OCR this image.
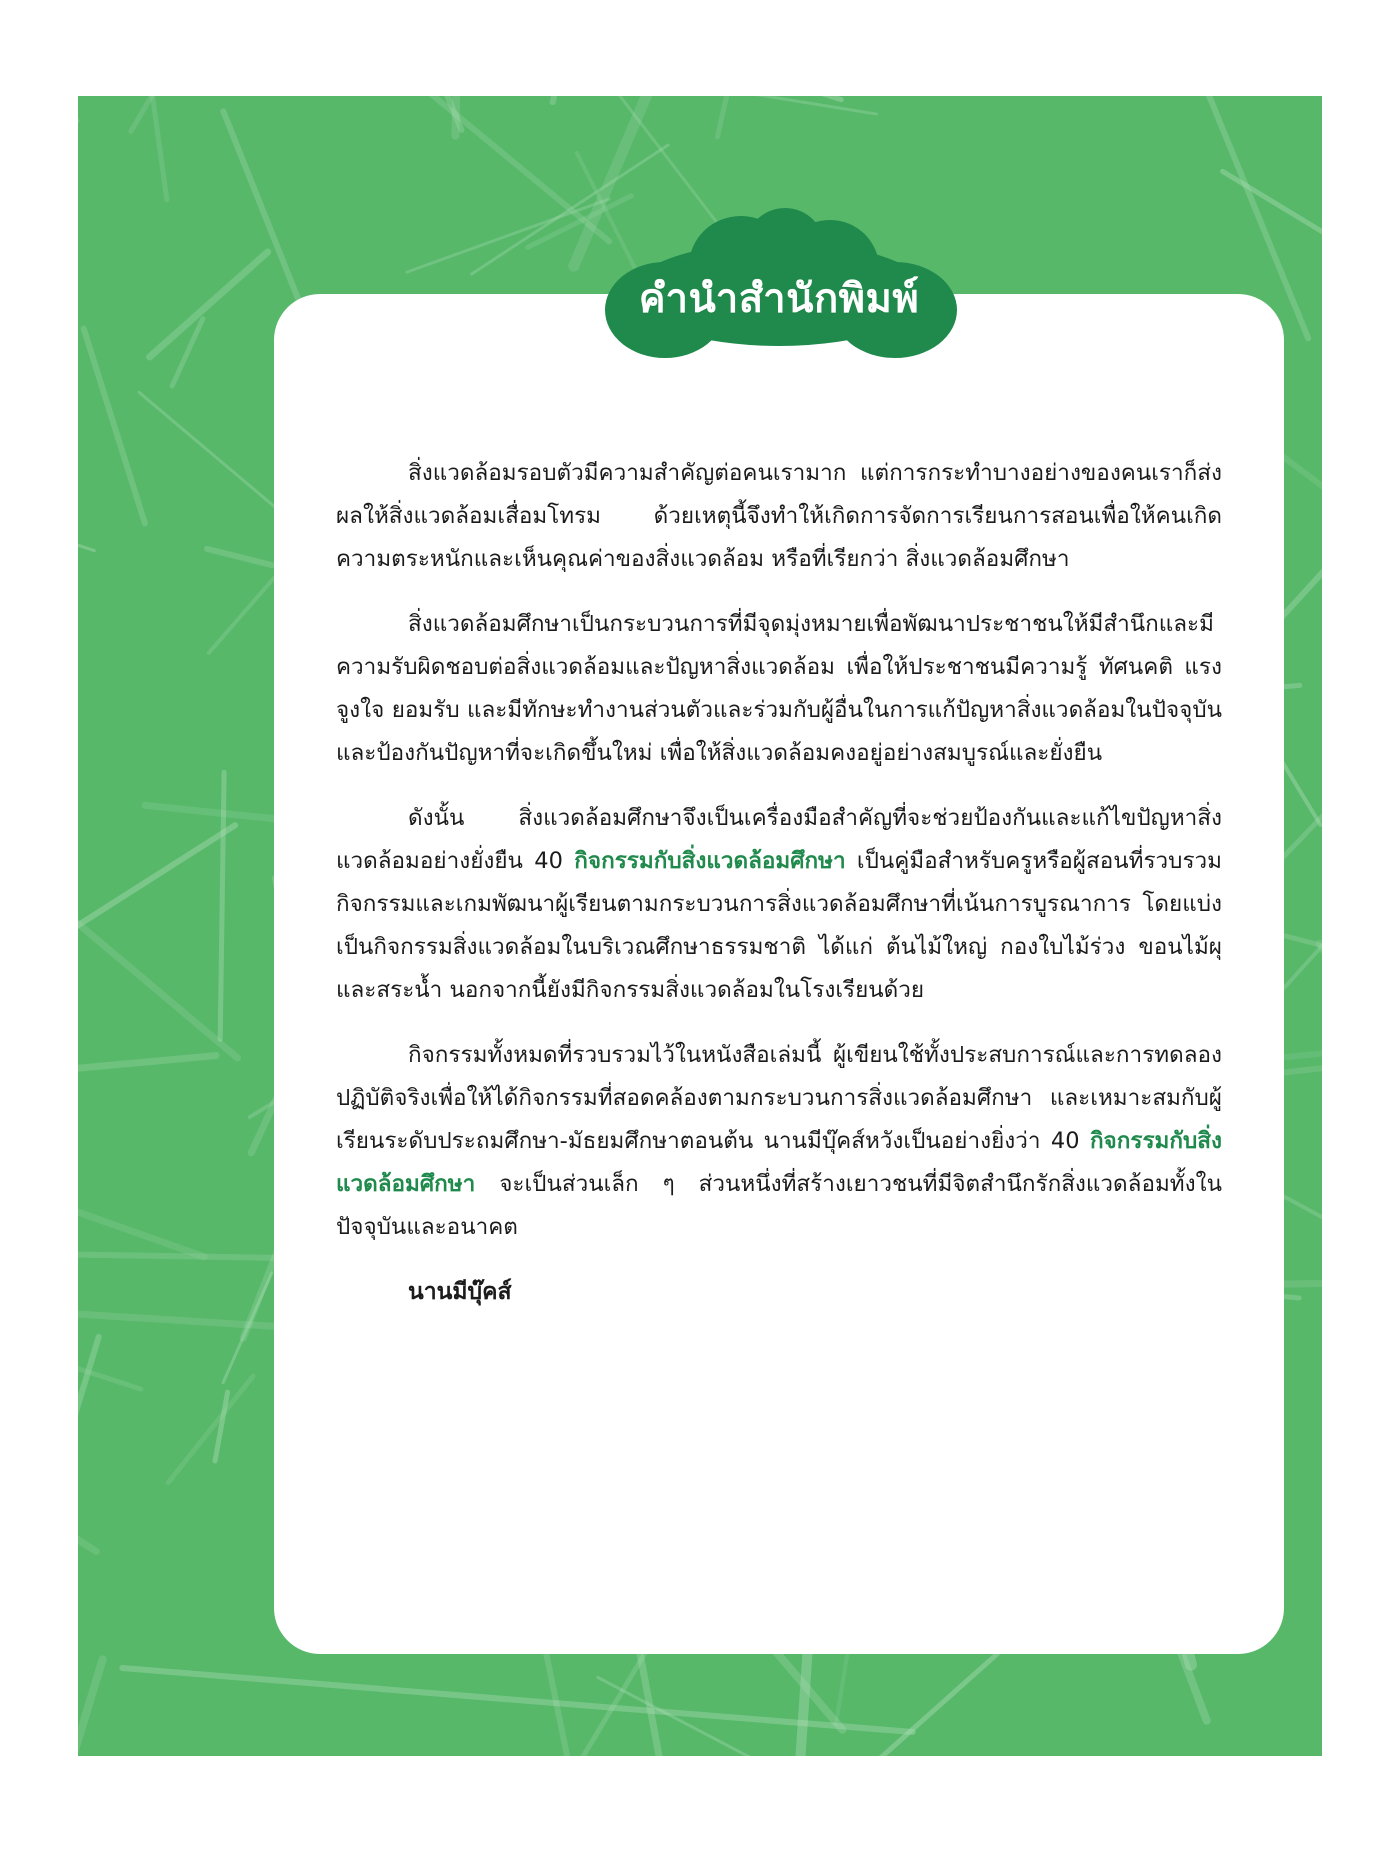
คำนำสำนักพิมพ์

สิ่งแวดล้อมรอบตัวมีความสำคัญต่อคนเรามาก แต่การกระทำบางอย่างของคนเราก็ส่งผลให้สิ่งแวดล้อมเสื่อมโทรม ด้วยเหตุนี้จึงทำให้เกิดการจัดการเรียนการสอนเพื่อให้คนเกิดความตระหนักและเห็นคุณค่าของสิ่งแวดล้อม หรือที่เรียกว่า สิ่งแวดล้อมศึกษา

สิ่งแวดล้อมศึกษาเป็นกระบวนการที่มีจุดมุ่งหมายเพื่อพัฒนาประชาชนให้มีสำนึกและมีความรับผิดชอบต่อสิ่งแวดล้อมและปัญหาสิ่งแวดล้อม เพื่อให้ประชาชนมีความรู้ ทัศนคติ แรงจูงใจ ยอมรับ และมีทักษะทำงานส่วนตัวและร่วมกับผู้อื่นในการแก้ปัญหาสิ่งแวดล้อมในปัจจุบัน และป้องกันปัญหาที่จะเกิดขึ้นใหม่ เพื่อให้สิ่งแวดล้อมคงอยู่อย่างสมบูรณ์และยั่งยืน

ดังนั้น สิ่งแวดล้อมศึกษาจึงเป็นเครื่องมือสำคัญที่จะช่วยป้องกันและแก้ไขปัญหาสิ่งแวดล้อมอย่างยั่งยืน 40 กิจกรรมกับสิ่งแวดล้อมศึกษา เป็นคู่มือสำหรับครูหรือผู้สอนที่รวบรวมกิจกรรมและเกมพัฒนาผู้เรียนตามกระบวนการสิ่งแวดล้อมศึกษาที่เน้นการบูรณาการ โดยแบ่งเป็นกิจกรรมสิ่งแวดล้อมในบริเวณศึกษาธรรมชาติ ได้แก่ ต้นไม้ใหญ่ กองใบไม้ร่วง ขอนไม้ผุ และสระน้ำ นอกจากนี้ยังมีกิจกรรมสิ่งแวดล้อมในโรงเรียนด้วย

กิจกรรมทั้งหมดที่รวบรวมไว้ในหนังสือเล่มนี้ ผู้เขียนใช้ทั้งประสบการณ์และการทดลองปฏิบัติจริงเพื่อให้ได้กิจกรรมที่สอดคล้องตามกระบวนการสิ่งแวดล้อมศึกษา และเหมาะสมกับผู้เรียนระดับประถมศึกษา-มัธยมศึกษาตอนต้น นานมีบุ๊คส์หวังเป็นอย่างยิ่งว่า 40 กิจกรรมกับสิ่งแวดล้อมศึกษา จะเป็นส่วนเล็ก ๆ ส่วนหนึ่งที่สร้างเยาวชนที่มีจิตสำนึกรักสิ่งแวดล้อมทั้งในปัจจุบันและอนาคต

นานมีบุ๊คส์
